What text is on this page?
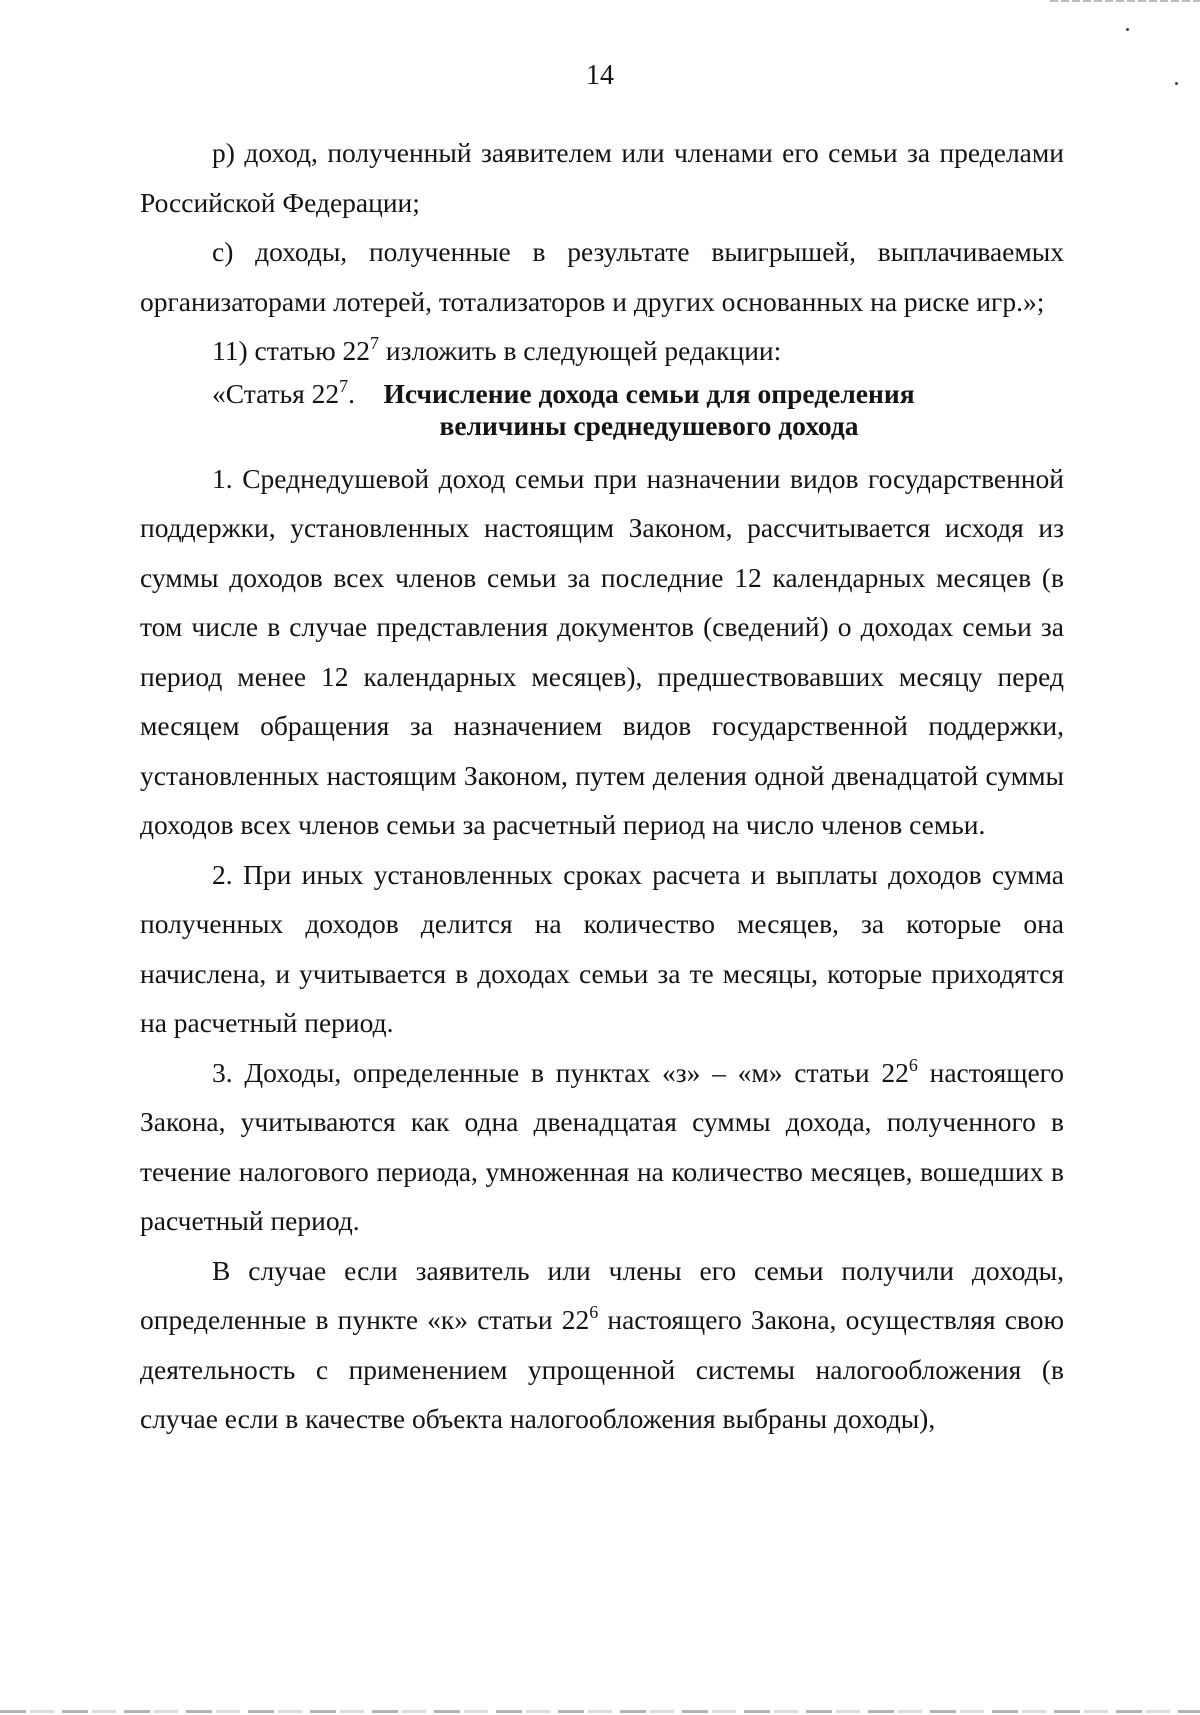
14

р) доход, полученный заявителем или членами его семьи за пределами Российской Федерации;

с) доходы, полученные в результате выигрышей, выплачиваемых организаторами лотерей, тотализаторов и других основанных на риске игр.»;

11) статью $22^7$ изложить в следующей редакции:

«Статья $22^7$.	Исчисление дохода семьи для определения
величины среднедушевого дохода

1. Среднедушевой доход семьи при назначении видов государственной поддержки, установленных настоящим Законом, рассчитывается исходя из суммы доходов всех членов семьи за последние 12 календарных месяцев (в том числе в случае представления документов (сведений) о доходах семьи за период менее 12 календарных месяцев), предшествовавших месяцу перед месяцем обращения за назначением видов государственной поддержки, установленных настоящим Законом, путем деления одной двенадцатой суммы доходов всех членов семьи за расчетный период на число членов семьи.

2. При иных установленных сроках расчета и выплаты доходов сумма полученных доходов делится на количество месяцев, за которые она начислена, и учитывается в доходах семьи за те месяцы, которые приходятся на расчетный период.

3. Доходы, определенные в пунктах «з» – «м» статьи $22^6$ настоящего Закона, учитываются как одна двенадцатая суммы дохода, полученного в течение налогового периода, умноженная на количество месяцев, вошедших в расчетный период.

В случае если заявитель или члены его семьи получили доходы, определенные в пункте «к» статьи $22^6$ настоящего Закона, осуществляя свою деятельность с применением упрощенной системы налогообложения (в случае если в качестве объекта налогообложения выбраны доходы),
